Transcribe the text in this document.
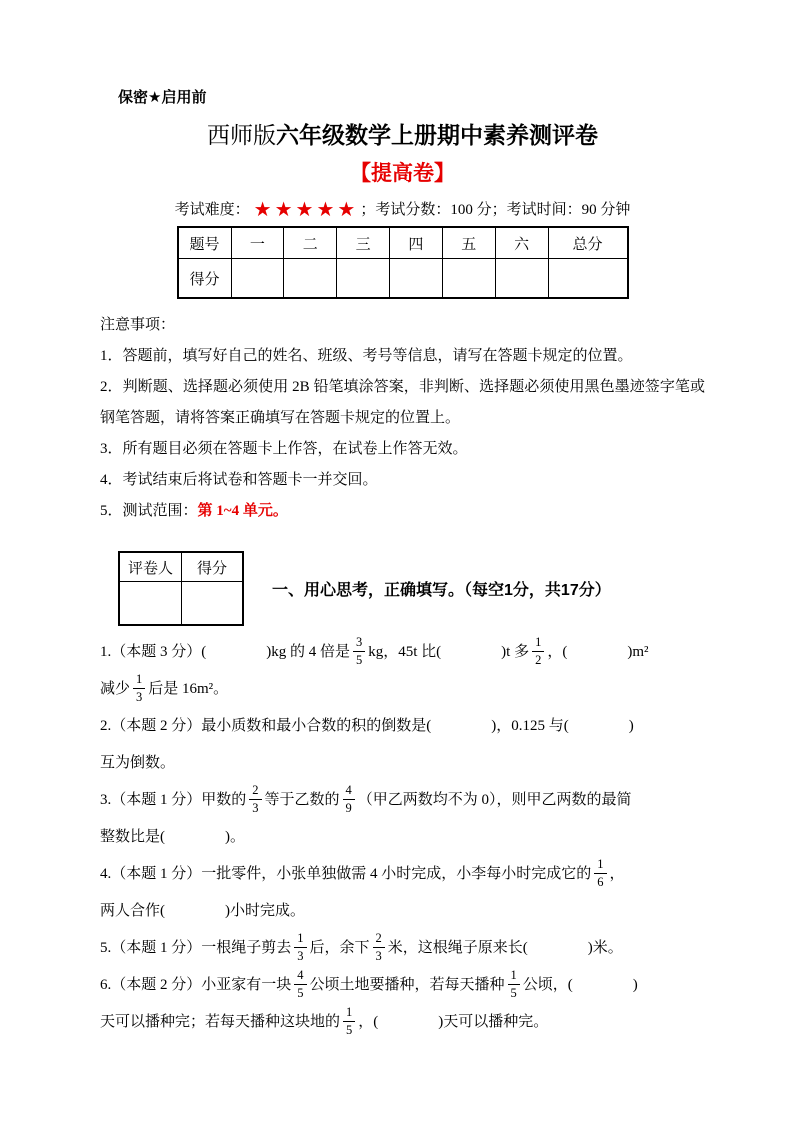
保密★启用前
西师版六年级数学上册期中素养测评卷
【提高卷】
考试难度： ★★★★★ ；考试分数：100 分；考试时间：90 分钟
题号	一	二	三	四	五	六	总分
得分							
注意事项：
1．答题前，填写好自己的姓名、班级、考号等信息，请写在答题卡规定的位置。
2．判断题、选择题必须使用 2B 铅笔填涂答案，非判断、选择题必须使用黑色墨迹签字笔或钢笔答题，请将答案正确填写在答题卡规定的位置上。
3．所有题目必须在答题卡上作答，在试卷上作答无效。
4．考试结束后将试卷和答题卡一并交回。
5．测试范围：第 1~4 单元。
评卷人	得分

一、用心思考，正确填写。（每空1分，共17分）
1.（本题 3 分）(　　　　)kg 的 4 倍是 $\frac{3}{5}$ kg，45t 比(　　　　)t 多 $\frac{1}{2}$ ，(　　　　)m²
减少 $\frac{1}{3}$ 后是 16m²。
2.（本题 2 分）最小质数和最小合数的积的倒数是(　　　　)，0.125 与(　　　　)
互为倒数。
3.（本题 1 分）甲数的 $\frac{2}{3}$ 等于乙数的 $\frac{4}{9}$ （甲乙两数均不为 0），则甲乙两数的最简
整数比是(　　　　)。
4.（本题 1 分）一批零件，小张单独做需 4 小时完成，小李每小时完成它的 $\frac{1}{6}$ ，
两人合作(　　　　)小时完成。
5.（本题 1 分）一根绳子剪去 $\frac{1}{3}$ 后，余下 $\frac{2}{3}$ 米，这根绳子原来长(　　　　)米。
6.（本题 2 分）小亚家有一块 $\frac{4}{5}$ 公顷土地要播种，若每天播种 $\frac{1}{5}$ 公顷，(　　　　)
天可以播种完；若每天播种这块地的 $\frac{1}{5}$ ，(　　　　)天可以播种完。
